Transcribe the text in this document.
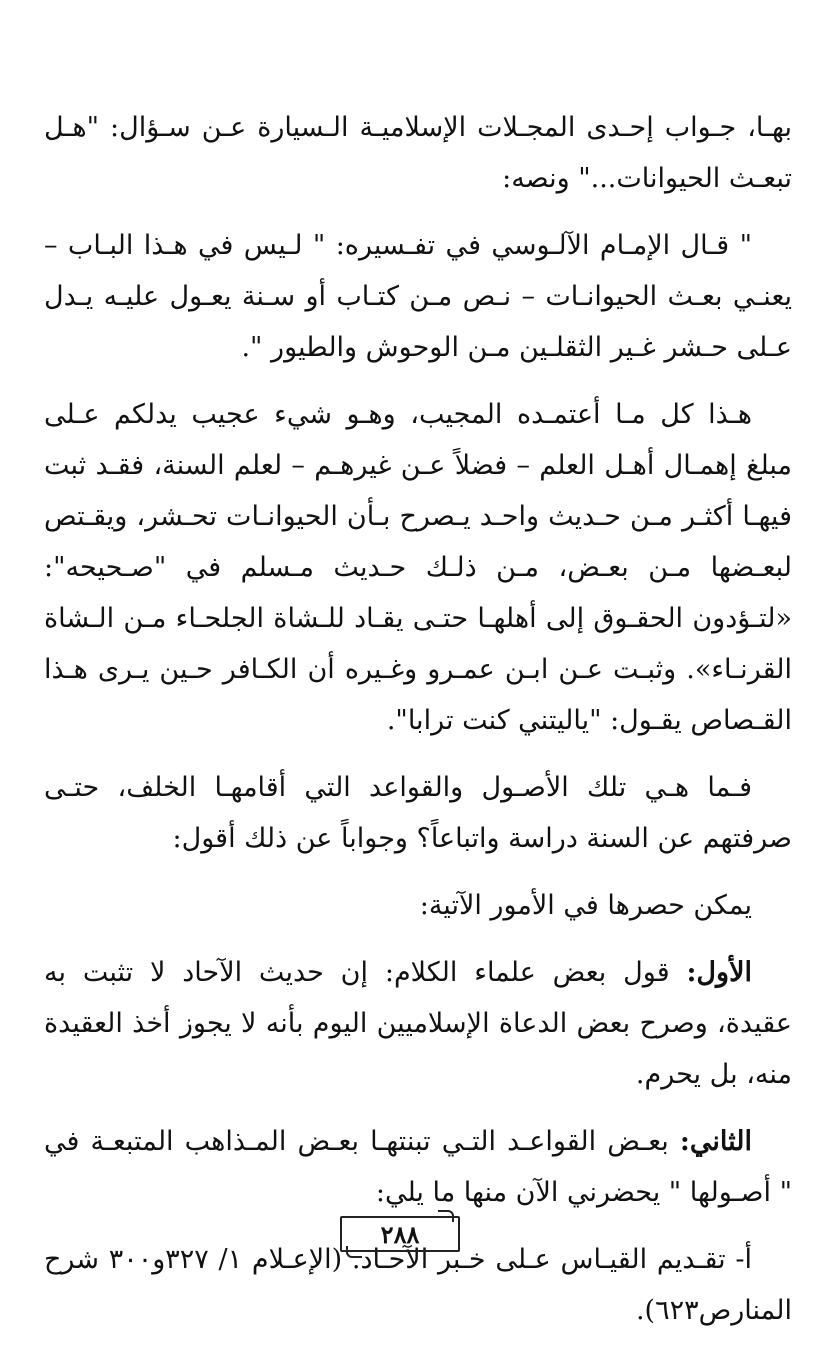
بهـا، جـواب إحـدى المجـلات الإسلاميـة الـسيارة عـن سـؤال: "هـل تبعـث الحيوانات..." ونصه:

" قـال الإمـام الآلـوسي في تفـسيره: " لـيس في هـذا البـاب – يعنـي بعـث الحيوانـات – نـص مـن كتـاب أو سـنة يعـول عليـه يـدل عـلى حـشر غـير الثقلـين مـن الوحوش والطيور ".

هـذا كل مـا أعتمـده المجيب، وهـو شيء عجيب يدلكم عـلى مبلغ إهمـال أهـل العلم – فضلاً عـن غيرهـم – لعلم السنة، فقـد ثبت فيهـا أكثـر مـن حـديث واحـد يـصرح بـأن الحيوانـات تحـشر، ويقـتص لبعـضها مـن بعـض، مـن ذلـك حـديث مـسلم في "صـحيحه": «لتـؤدون الحقـوق إلى أهلهـا حتـى يقـاد للـشاة الجلحـاء مـن الـشاة القرنـاء». وثبـت عـن ابـن عمـرو وغـيره أن الكـافر حـين يـرى هـذا القـصاص يقـول: "ياليتني كنت ترابا".

فـما هـي تلك الأصـول والقواعد التي أقامهـا الخلف، حتـى صرفتهم عن السنة دراسة واتباعاً؟ وجواباً عن ذلك أقول:

يمكن حصرها في الأمور الآتية:

الأول: قول بعض علماء الكلام: إن حديث الآحاد لا تثبت به عقيدة، وصرح بعض الدعاة الإسلاميين اليوم بأنه لا يجوز أخذ العقيدة منه، بل يحرم.

الثاني: بعـض القواعـد التـي تبنتهـا بعـض المـذاهب المتبعـة في " أصـولها " يحضرني الآن منها ما يلي:

أ- تقـديم القيـاس عـلى خـبر الآحـاد. (الإعـلام ١/ ٣٢٧و٣٠٠ شرح المنارص٦٢٣).

٢٨٨
